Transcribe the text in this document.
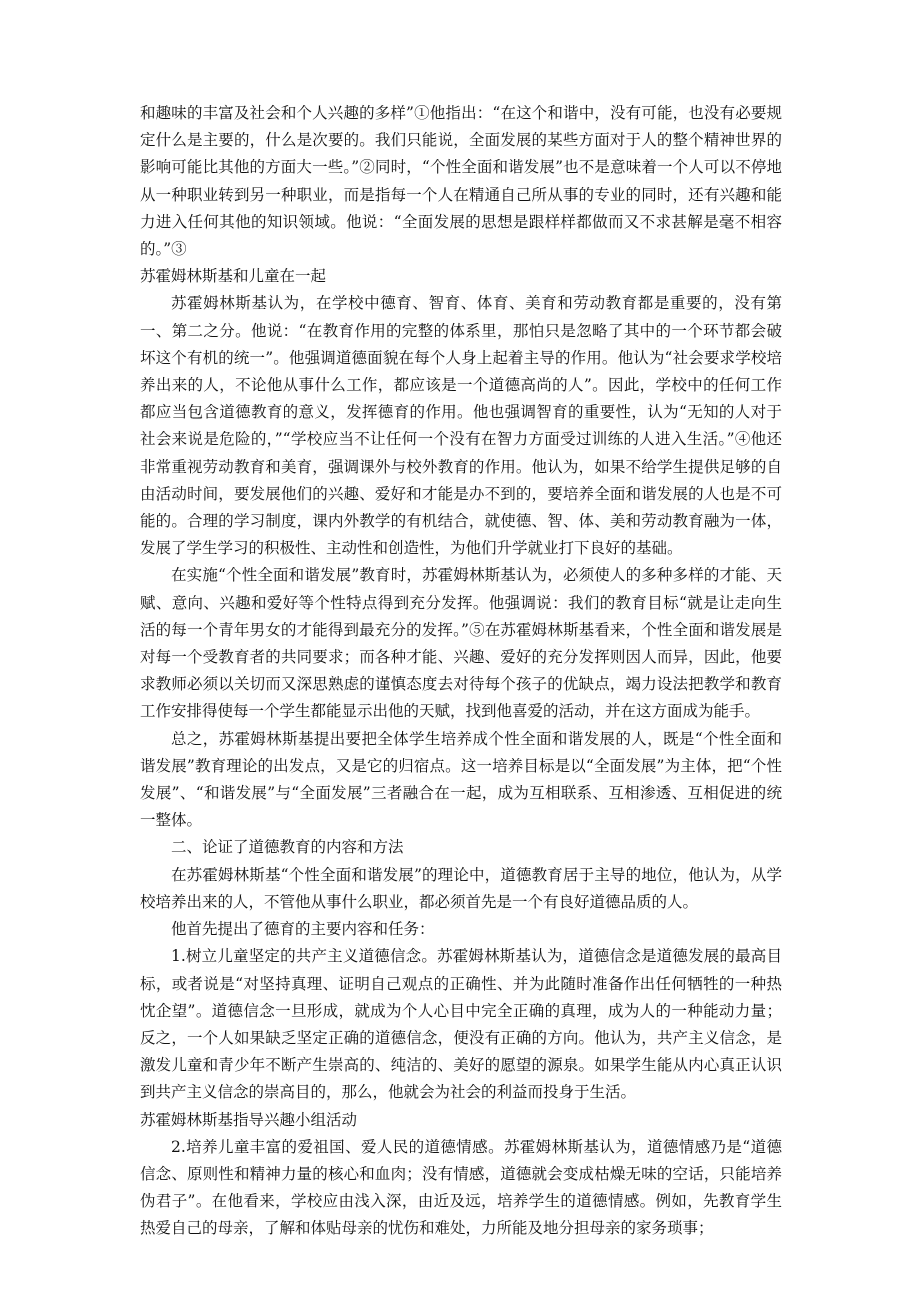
和趣味的丰富及社会和个人兴趣的多样”①他指出：“在这个和谐中，没有可能，也没有必要规定什么是主要的，什么是次要的。我们只能说，全面发展的某些方面对于人的整个精神世界的影响可能比其他的方面大一些。”②同时，“个性全面和谐发展”也不是意味着一个人可以不停地从一种职业转到另一种职业，而是指每一个人在精通自己所从事的专业的同时，还有兴趣和能力进入任何其他的知识领域。他说：“全面发展的思想是跟样样都做而又不求甚解是毫不相容的。”③

苏霍姆林斯基和儿童在一起

苏霍姆林斯基认为，在学校中德育、智育、体育、美育和劳动教育都是重要的，没有第一、第二之分。他说：“在教育作用的完整的体系里，那怕只是忽略了其中的一个环节都会破坏这个有机的统一”。他强调道德面貌在每个人身上起着主导的作用。他认为“社会要求学校培养出来的人，不论他从事什么工作，都应该是一个道德高尚的人”。因此，学校中的任何工作都应当包含道德教育的意义，发挥德育的作用。他也强调智育的重要性，认为“无知的人对于社会来说是危险的，”“学校应当不让任何一个没有在智力方面受过训练的人进入生活。”④他还非常重视劳动教育和美育，强调课外与校外教育的作用。他认为，如果不给学生提供足够的自由活动时间，要发展他们的兴趣、爱好和才能是办不到的，要培养全面和谐发展的人也是不可能的。合理的学习制度，课内外教学的有机结合，就使德、智、体、美和劳动教育融为一体，发展了学生学习的积极性、主动性和创造性，为他们升学就业打下良好的基础。

在实施“个性全面和谐发展”教育时，苏霍姆林斯基认为，必须使人的多种多样的才能、天赋、意向、兴趣和爱好等个性特点得到充分发挥。他强调说：我们的教育目标“就是让走向生活的每一个青年男女的才能得到最充分的发挥。”⑤在苏霍姆林斯基看来，个性全面和谐发展是对每一个受教育者的共同要求；而各种才能、兴趣、爱好的充分发挥则因人而异，因此，他要求教师必须以关切而又深思熟虑的谨慎态度去对待每个孩子的优缺点，竭力设法把教学和教育工作安排得使每一个学生都能显示出他的天赋，找到他喜爱的活动，并在这方面成为能手。

总之，苏霍姆林斯基提出要把全体学生培养成个性全面和谐发展的人，既是“个性全面和谐发展”教育理论的出发点，又是它的归宿点。这一培养目标是以“全面发展”为主体，把“个性发展”、“和谐发展”与“全面发展”三者融合在一起，成为互相联系、互相渗透、互相促进的统一整体。

二、论证了道德教育的内容和方法

在苏霍姆林斯基“个性全面和谐发展”的理论中，道德教育居于主导的地位，他认为，从学校培养出来的人，不管他从事什么职业，都必须首先是一个有良好道德品质的人。

他首先提出了德育的主要内容和任务：

1.树立儿童坚定的共产主义道德信念。苏霍姆林斯基认为，道德信念是道德发展的最高目标，或者说是“对坚持真理、证明自己观点的正确性、并为此随时准备作出任何牺牲的一种热忱企望”。道德信念一旦形成，就成为个人心目中完全正确的真理，成为人的一种能动力量；反之，一个人如果缺乏坚定正确的道德信念，便没有正确的方向。他认为，共产主义信念，是激发儿童和青少年不断产生崇高的、纯洁的、美好的愿望的源泉。如果学生能从内心真正认识到共产主义信念的崇高目的，那么，他就会为社会的利益而投身于生活。

苏霍姆林斯基指导兴趣小组活动

2.培养儿童丰富的爱祖国、爱人民的道德情感。苏霍姆林斯基认为，道德情感乃是“道德信念、原则性和精神力量的核心和血肉；没有情感，道德就会变成枯燥无味的空话，只能培养伪君子”。在他看来，学校应由浅入深，由近及远，培养学生的道德情感。例如，先教育学生热爱自己的母亲，了解和体贴母亲的忧伤和难处，力所能及地分担母亲的家务琐事；
